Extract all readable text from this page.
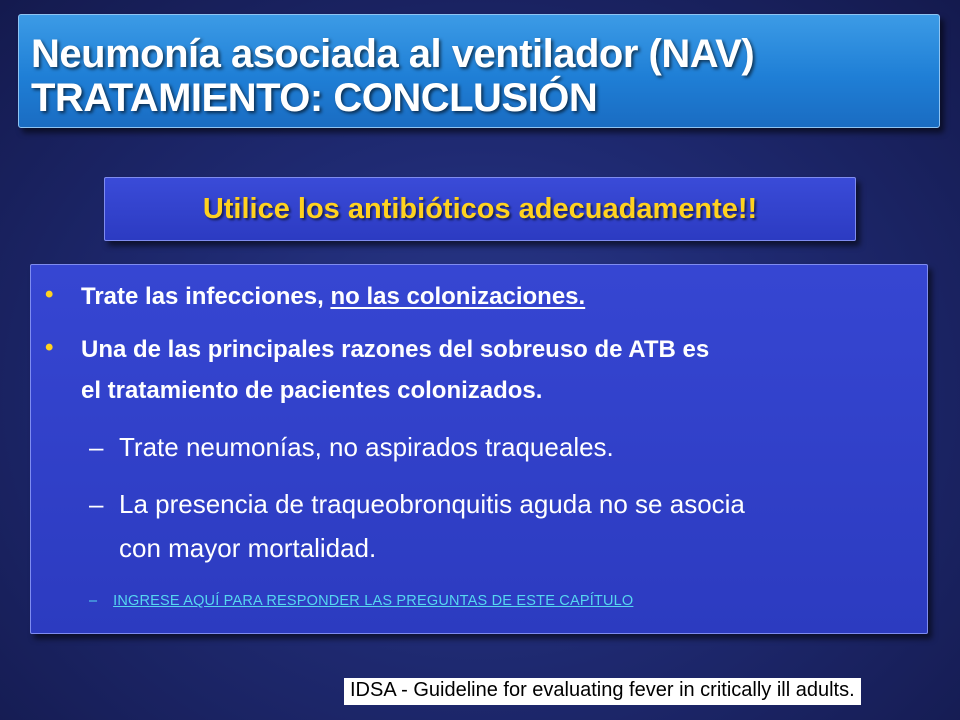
Neumonía asociada al ventilador (NAV)
TRATAMIENTO: CONCLUSIÓN
Utilice los antibióticos adecuadamente!!
• Trate las infecciones, no las colonizaciones.
• Una de las principales razones del sobreuso de ATB es
el tratamiento de pacientes colonizados.
– Trate neumonías, no aspirados traqueales.
– La presencia de traqueobronquitis aguda no se asocia
con mayor mortalidad.
– INGRESE AQUÍ PARA RESPONDER LAS PREGUNTAS DE ESTE CAPÍTULO
IDSA - Guideline for evaluating fever in critically ill adults.
